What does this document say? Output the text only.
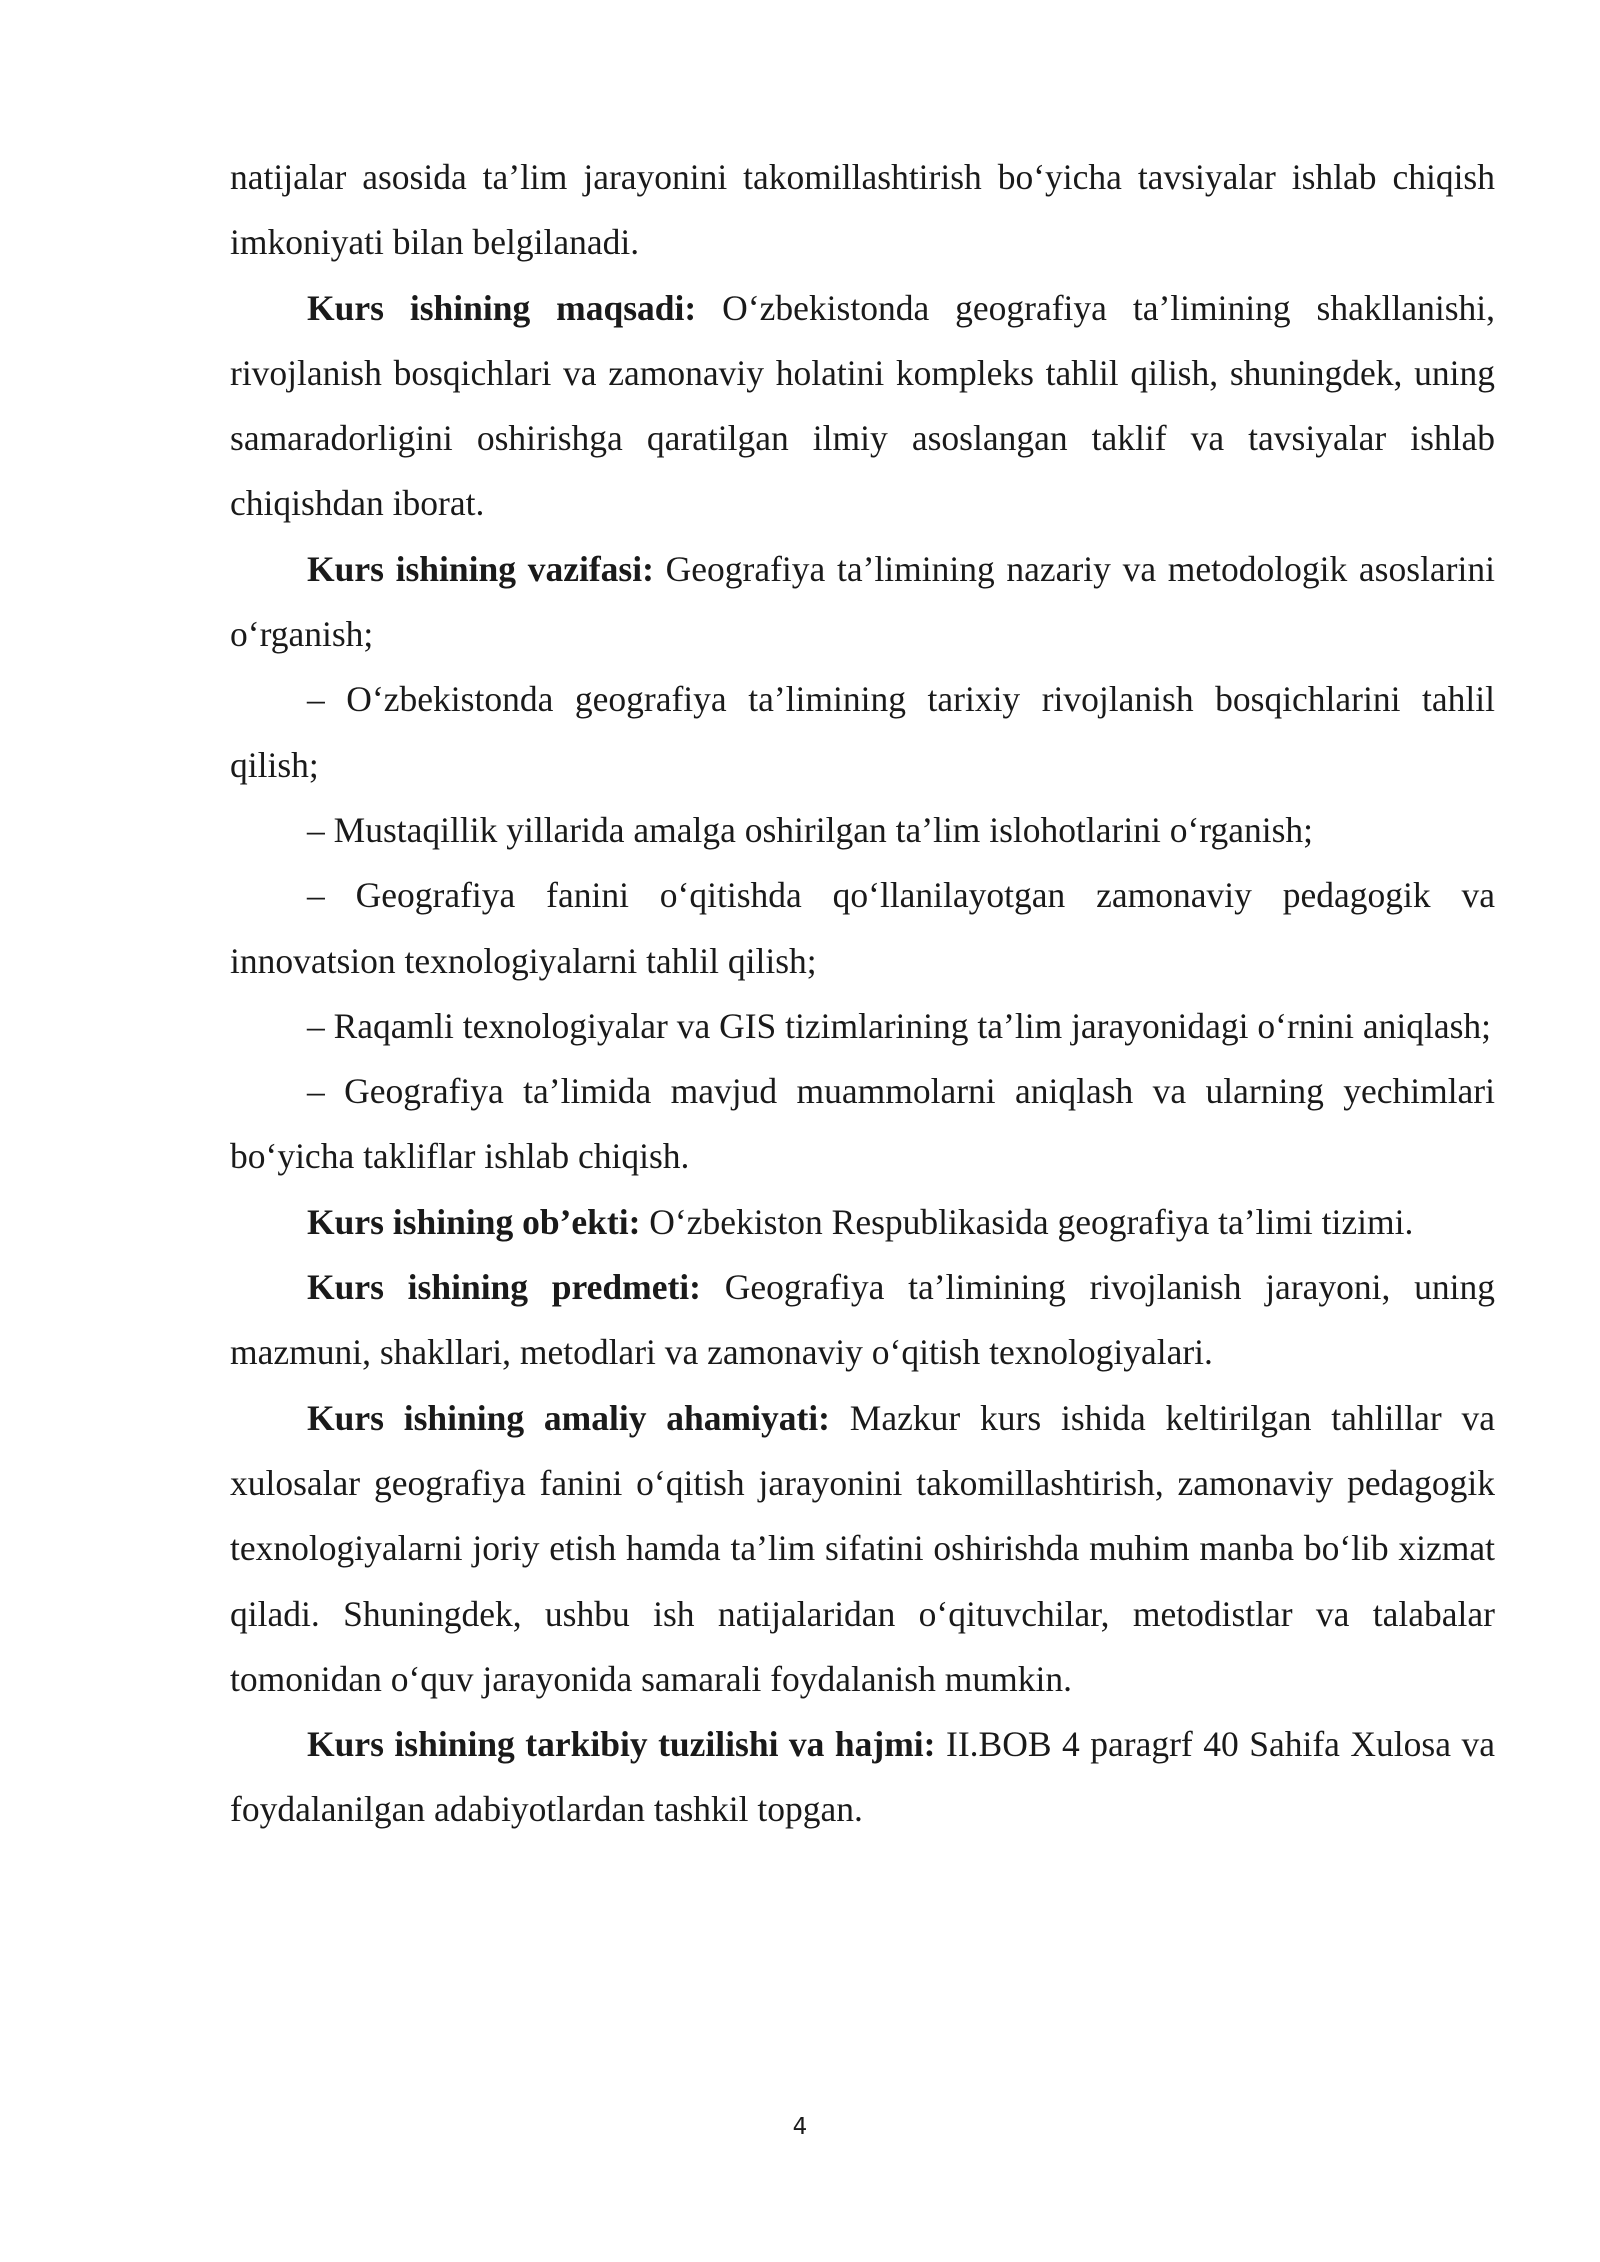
natijalar asosida ta’lim jarayonini takomillashtirish bo‘yicha tavsiyalar ishlab chiqish imkoniyati bilan belgilanadi.

Kurs ishining maqsadi: O‘zbekistonda geografiya ta’limining shakllanishi, rivojlanish bosqichlari va zamonaviy holatini kompleks tahlil qilish, shuningdek, uning samaradorligini oshirishga qaratilgan ilmiy asoslangan taklif va tavsiyalar ishlab chiqishdan iborat.

Kurs ishining vazifasi: Geografiya ta’limining nazariy va metodologik asoslarini o‘rganish;

– O‘zbekistonda geografiya ta’limining tarixiy rivojlanish bosqichlarini tahlil qilish;

– Mustaqillik yillarida amalga oshirilgan ta’lim islohotlarini o‘rganish;

– Geografiya fanini o‘qitishda qo‘llanilayotgan zamonaviy pedagogik va innovatsion texnologiyalarni tahlil qilish;

– Raqamli texnologiyalar va GIS tizimlarining ta’lim jarayonidagi o‘rnini aniqlash;

– Geografiya ta’limida mavjud muammolarni aniqlash va ularning yechimlari bo‘yicha takliflar ishlab chiqish.

Kurs ishining ob’ekti: O‘zbekiston Respublikasida geografiya ta’limi tizimi.

Kurs ishining predmeti: Geografiya ta’limining rivojlanish jarayoni, uning mazmuni, shakllari, metodlari va zamonaviy o‘qitish texnologiyalari.

Kurs ishining amaliy ahamiyati: Mazkur kurs ishida keltirilgan tahlillar va xulosalar geografiya fanini o‘qitish jarayonini takomillashtirish, zamonaviy pedagogik texnologiyalarni joriy etish hamda ta’lim sifatini oshirishda muhim manba bo‘lib xizmat qiladi. Shuningdek, ushbu ish natijalaridan o‘qituvchilar, metodistlar va talabalar tomonidan o‘quv jarayonida samarali foydalanish mumkin.

Kurs ishining tarkibiy tuzilishi va hajmi: II.BOB 4 paragrf 40 Sahifa Xulosa va foydalanilgan adabiyotlardan tashkil topgan.

4
